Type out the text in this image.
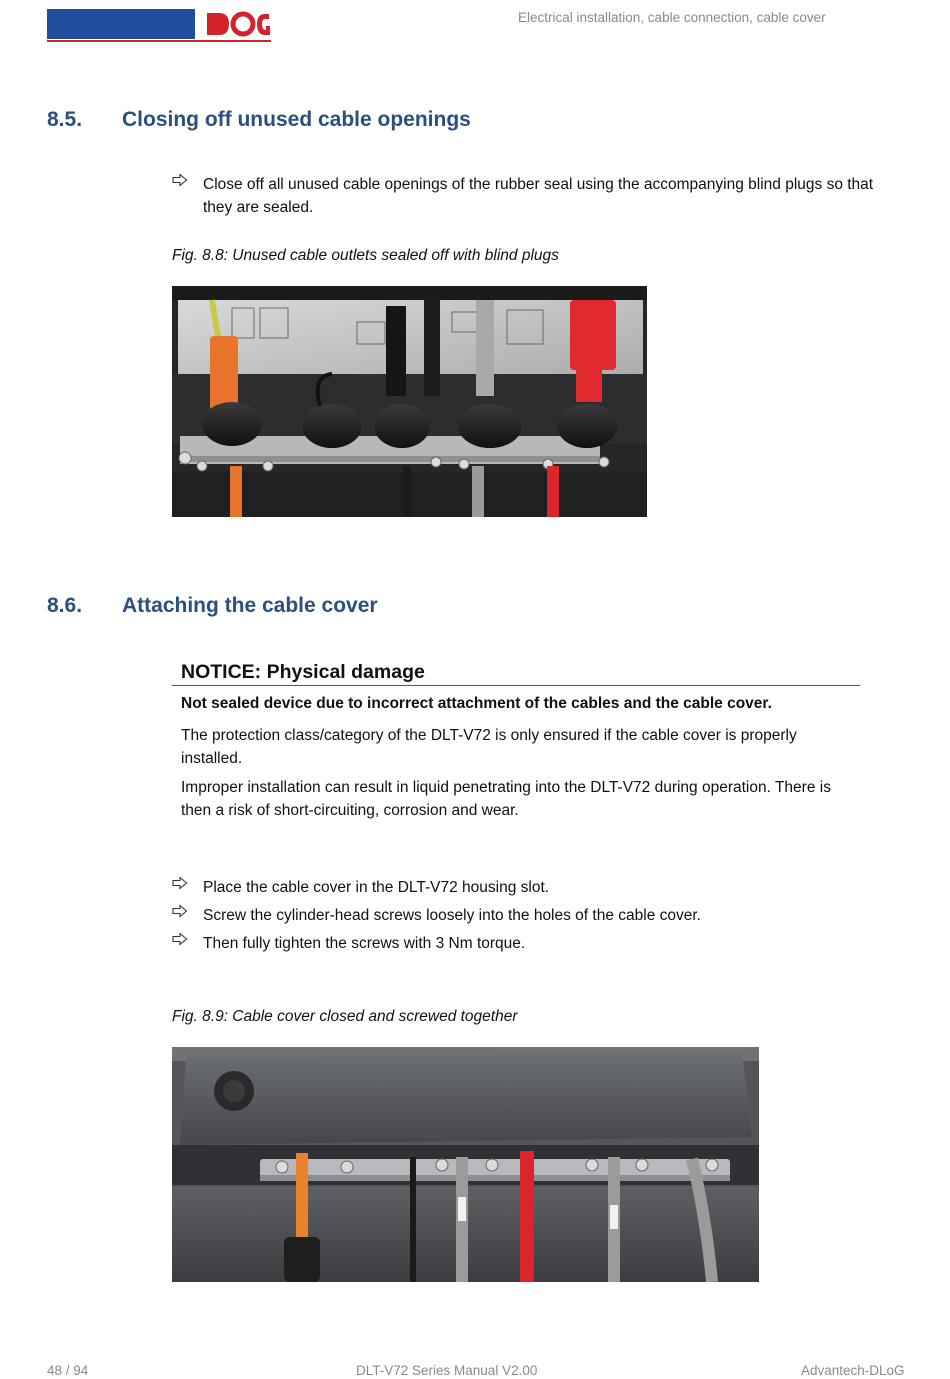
Electrical installation, cable connection, cable cover
8.5. Closing off unused cable openings
Close off all unused cable openings of the rubber seal using the accompanying blind plugs so that they are sealed.
Fig. 8.8: Unused cable outlets sealed off with blind plugs
8.6. Attaching the cable cover
NOTICE: Physical damage
Not sealed device due to incorrect attachment of the cables and the cable cover.
The protection class/category of the DLT-V72 is only ensured if the cable cover is properly installed.
Improper installation can result in liquid penetrating into the DLT-V72 during operation. There is then a risk of short-circuiting, corrosion and wear.
Place the cable cover in the DLT-V72 housing slot.
Screw the cylinder-head screws loosely into the holes of the cable cover.
Then fully tighten the screws with 3 Nm torque.
Fig. 8.9: Cable cover closed and screwed together
48 / 94	DLT-V72 Series Manual V2.00	Advantech-DLoG
